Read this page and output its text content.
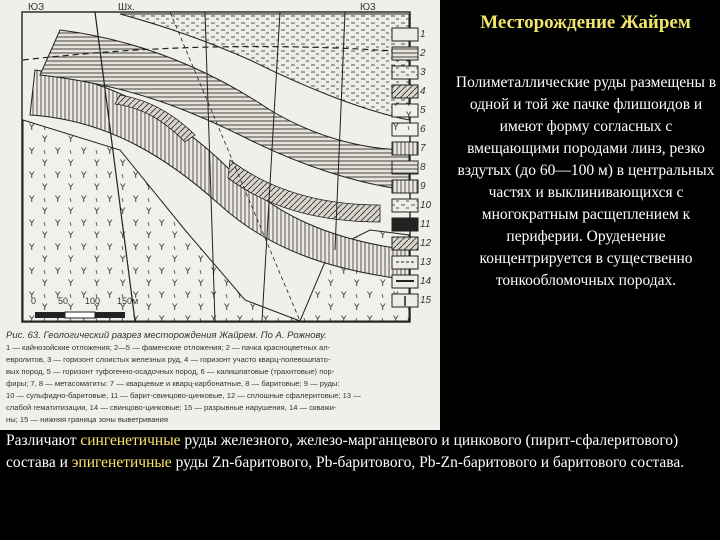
ЮЗ	Шх.	Ю3
1
2
3
4
5
6
7
8
9
10
11
12
13
14
15
0 50 100 150м
Рис. 63. Геологический разрез месторождения Жайрем. По А. Рожнову.
1 — кайнозойские отложения; 2—5 — фаменские отложения; 2 — пачка красноцветных ал-
евролитов, 3 — горизонт слоистых железных руд, 4 — горизонт участо кварц-полевошпато-
вых пород, 5 — горизонт туфогенно-осадочных пород, 6 — калишпатовые (трахитовые) пор-
фиры; 7, 8 — метасоматиты: 7 — кварцевые и кварц-карбонатные, 8 — баритовые; 9 — руды:
10 — сульфидно-баритовые, 11 — барит-свинцово-цинковые, 12 — сплошные сфалеритовые; 13 —
слабой гематитизации, 14 — свинцово-цинковые; 15 — разрывные нарушения, 14 — скважи-
ны; 15 — нижняя граница зоны выветривания
Месторождение Жайрем
Полиметаллические руды размещены в одной и той же пачке флишоидов и имеют форму согласных с вмещающими породами линз, резко вздутых (до 60—100 м) в центральных частях и выклинивающихся с многократным расщеплением к периферии. Оруденение концентрируется в существенно тонкообломочных породах.
Различают сингенетичные руды железного, железо-марганцевого и цинкового (пирит-сфалеритового) состава и эпигенетичные руды Zn-баритового, Pb-баритового, Pb-Zn-баритового и баритового состава.
